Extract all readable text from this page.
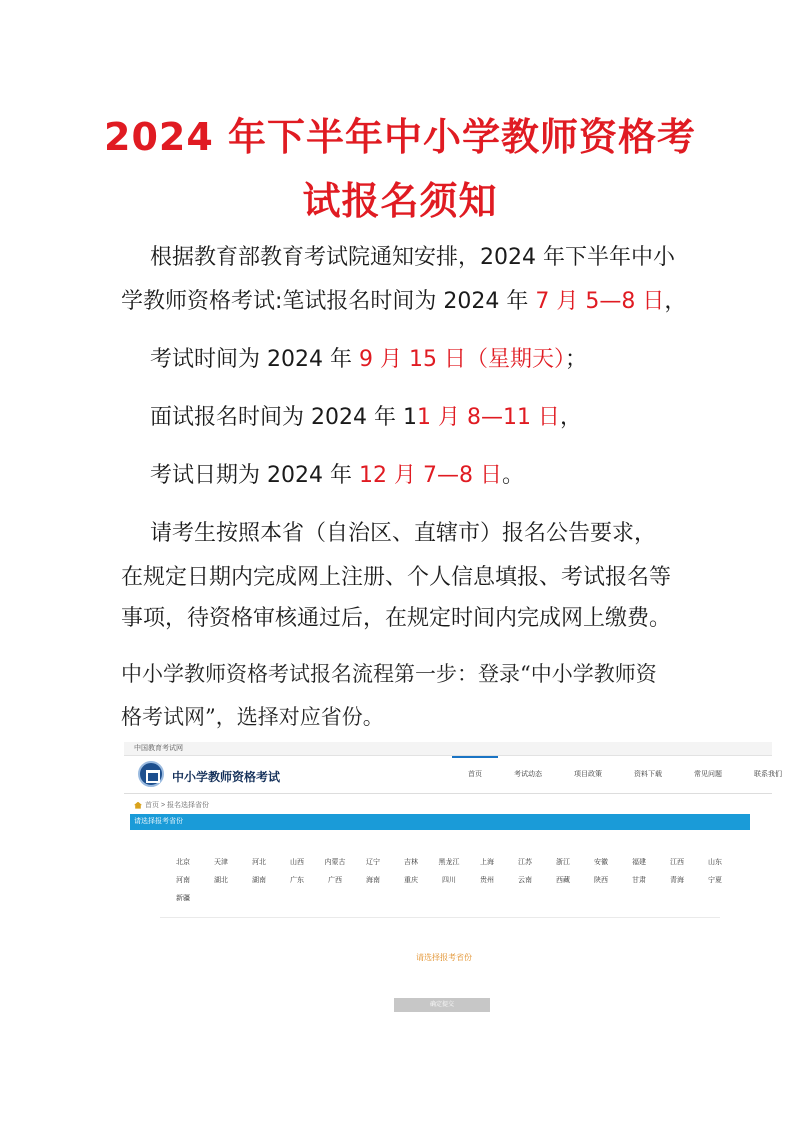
2024 年下半年中小学教师资格考
试报名须知
根据教育部教育考试院通知安排，2024 年下半年中小
学教师资格考试:笔试报名时间为 2024 年 7 月 5—8 日，
考试时间为 2024 年 9 月 15 日（星期天）；
面试报名时间为 2024 年 11 月 8—11 日，
考试日期为 2024 年 12 月 7—8 日。
请考生按照本省（自治区、直辖市）报名公告要求，
在规定日期内完成网上注册、个人信息填报、考试报名等
事项，待资格审核通过后，在规定时间内完成网上缴费。
中小学教师资格考试报名流程第一步：登录“中小学教师资
格考试网”，选择对应省份。
中国教育考试网
中小学教师资格考试	首页	考试动态	项目政策	资料下载	常见问题	联系我们
首页 > 报名选择省份
请选择报考省份
北京	天津	河北	山西	内蒙古	辽宁	吉林	黑龙江	上海	江苏	浙江	安徽	福建	江西	山东
河南	湖北	湖南	广东	广西	海南	重庆	四川	贵州	云南	西藏	陕西	甘肃	青海	宁夏
新疆
请选择报考省份
确定提交
